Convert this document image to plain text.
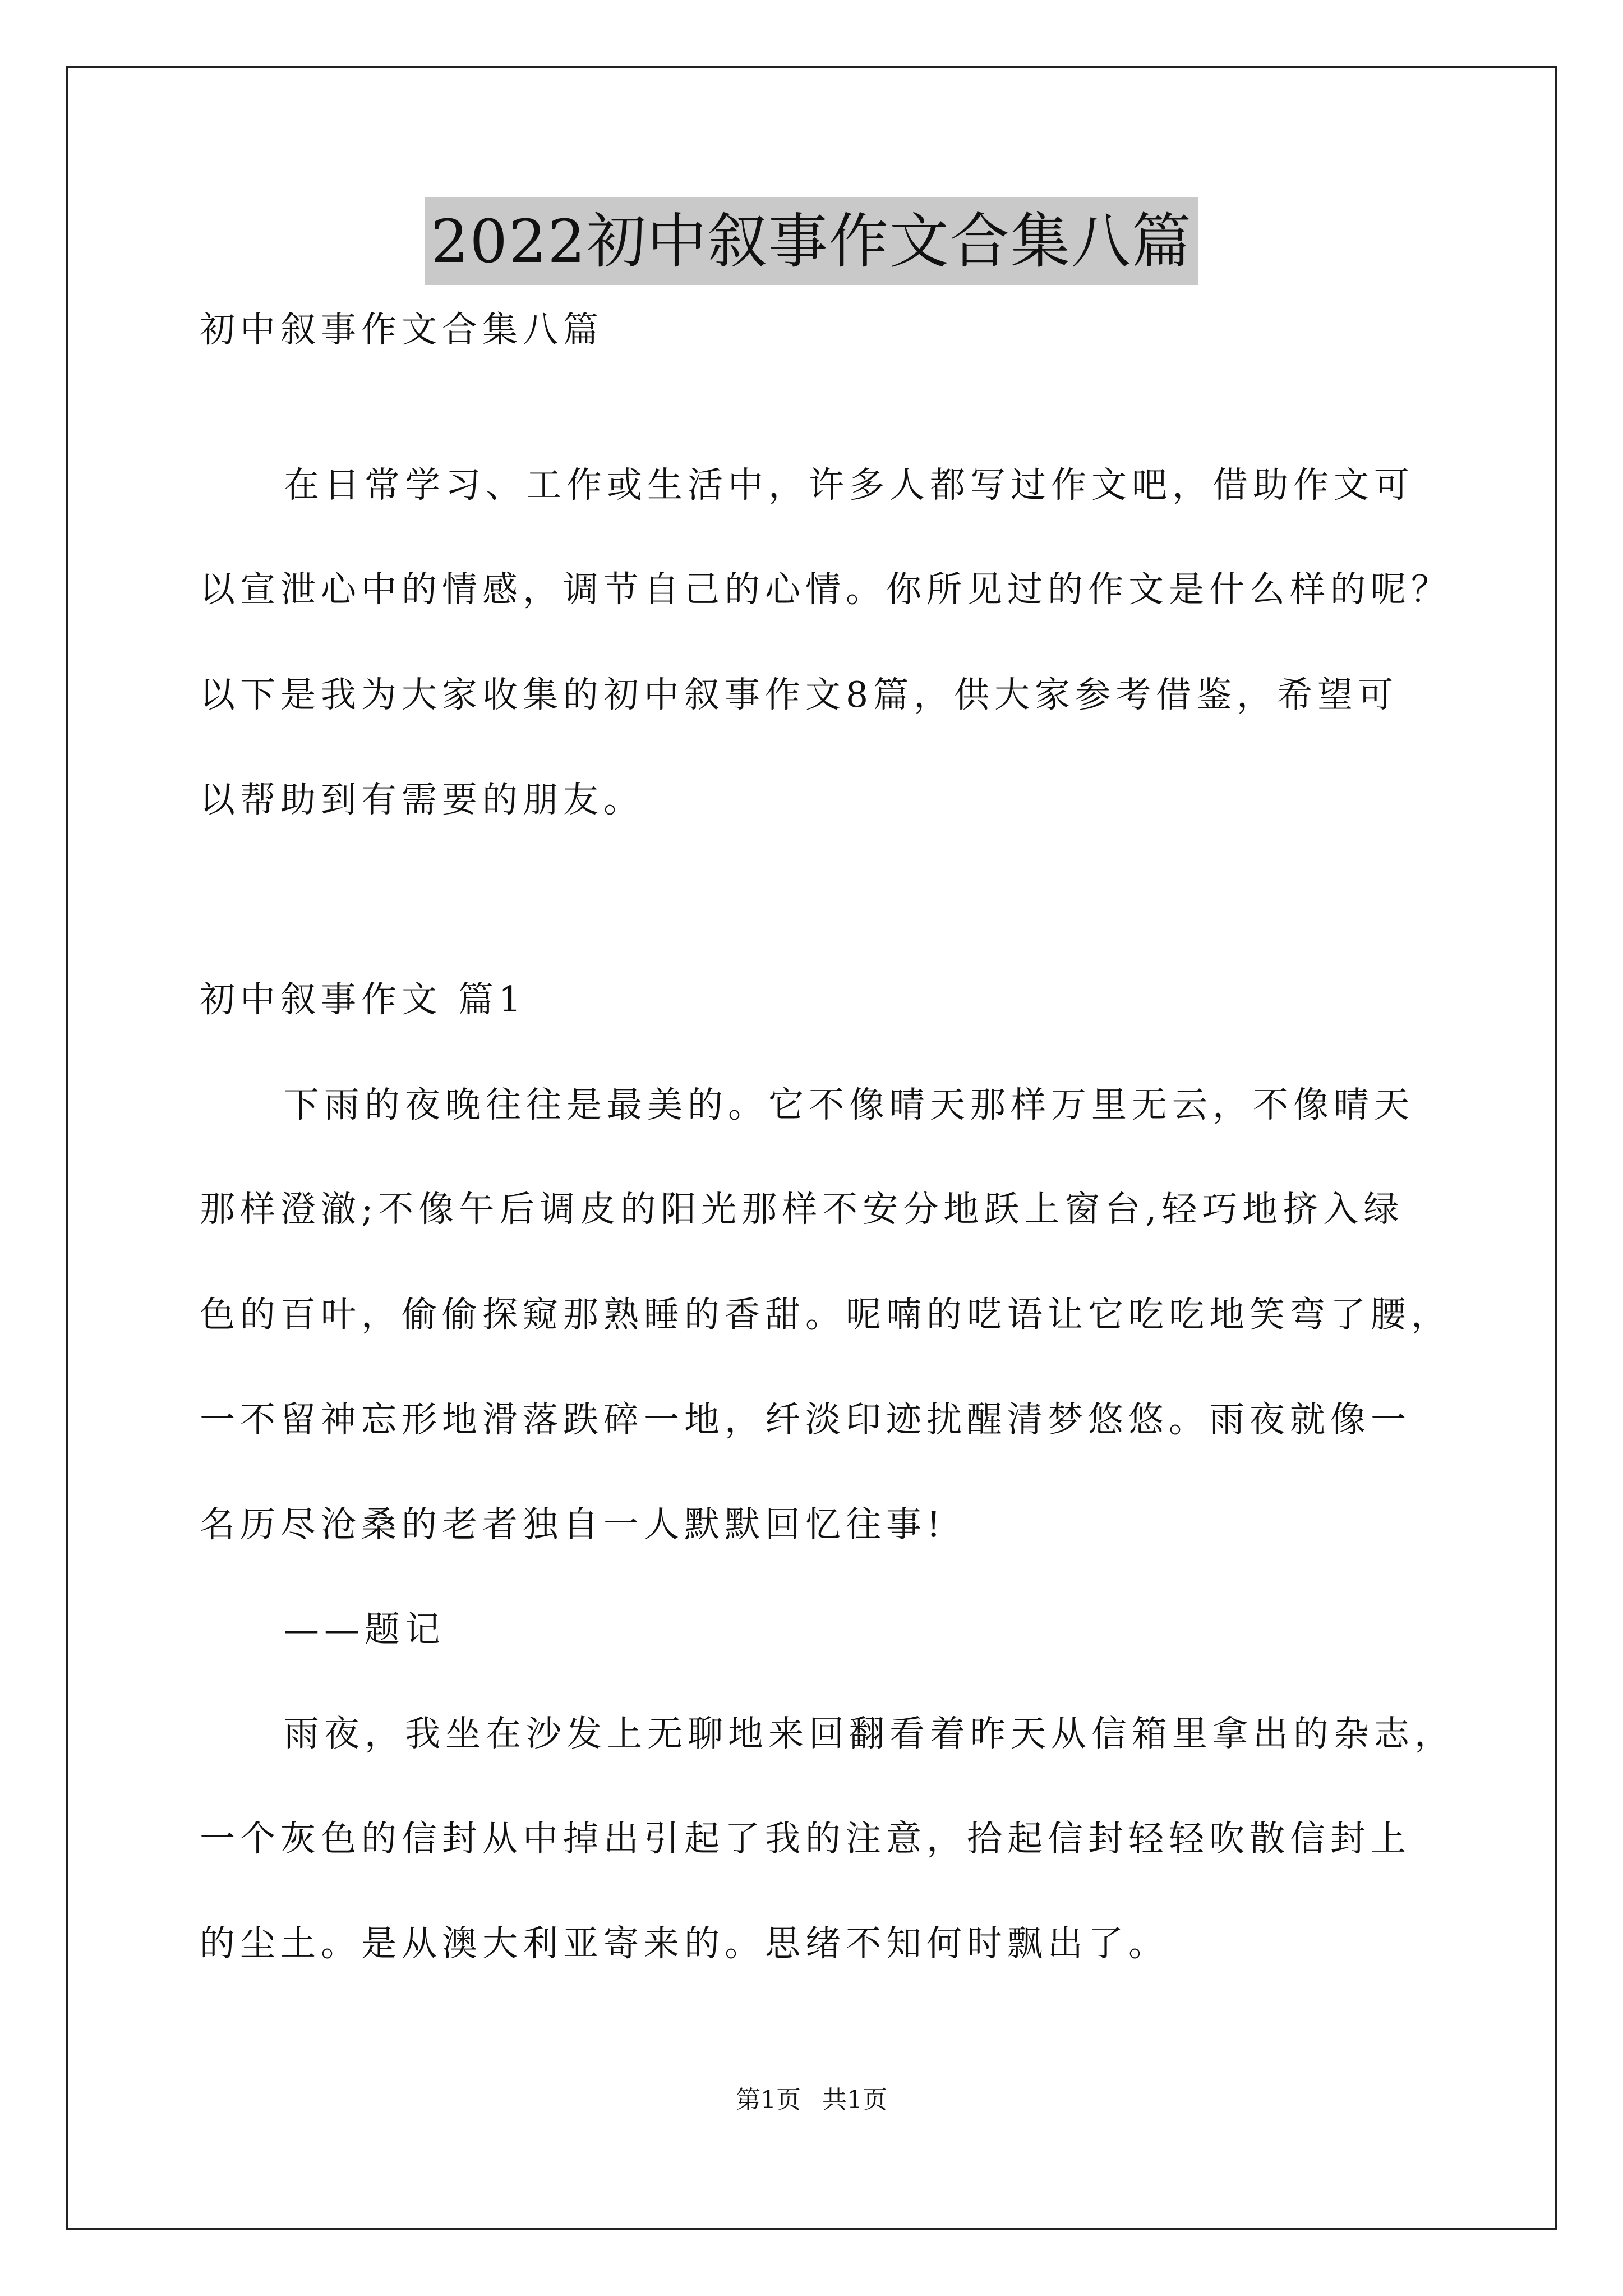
2022初中叙事作文合集八篇
初中叙事作文合集八篇
在日常学习、工作或生活中，许多人都写过作文吧，借助作文可
以宣泄心中的情感，调节自己的心情。你所见过的作文是什么样的呢？
以下是我为大家收集的初中叙事作文8篇，供大家参考借鉴，希望可
以帮助到有需要的朋友。
初中叙事作文 篇1
下雨的夜晚往往是最美的。它不像晴天那样万里无云，不像晴天
那样澄澈;不像午后调皮的阳光那样不安分地跃上窗台,轻巧地挤入绿
色的百叶，偷偷探窥那熟睡的香甜。呢喃的呓语让它吃吃地笑弯了腰，
一不留神忘形地滑落跌碎一地，纤淡印迹扰醒清梦悠悠。雨夜就像一
名历尽沧桑的老者独自一人默默回忆往事!
——题记
雨夜，我坐在沙发上无聊地来回翻看着昨天从信箱里拿出的杂志，
一个灰色的信封从中掉出引起了我的注意，拾起信封轻轻吹散信封上
的尘土。是从澳大利亚寄来的。思绪不知何时飘出了。
第1页 共1页
